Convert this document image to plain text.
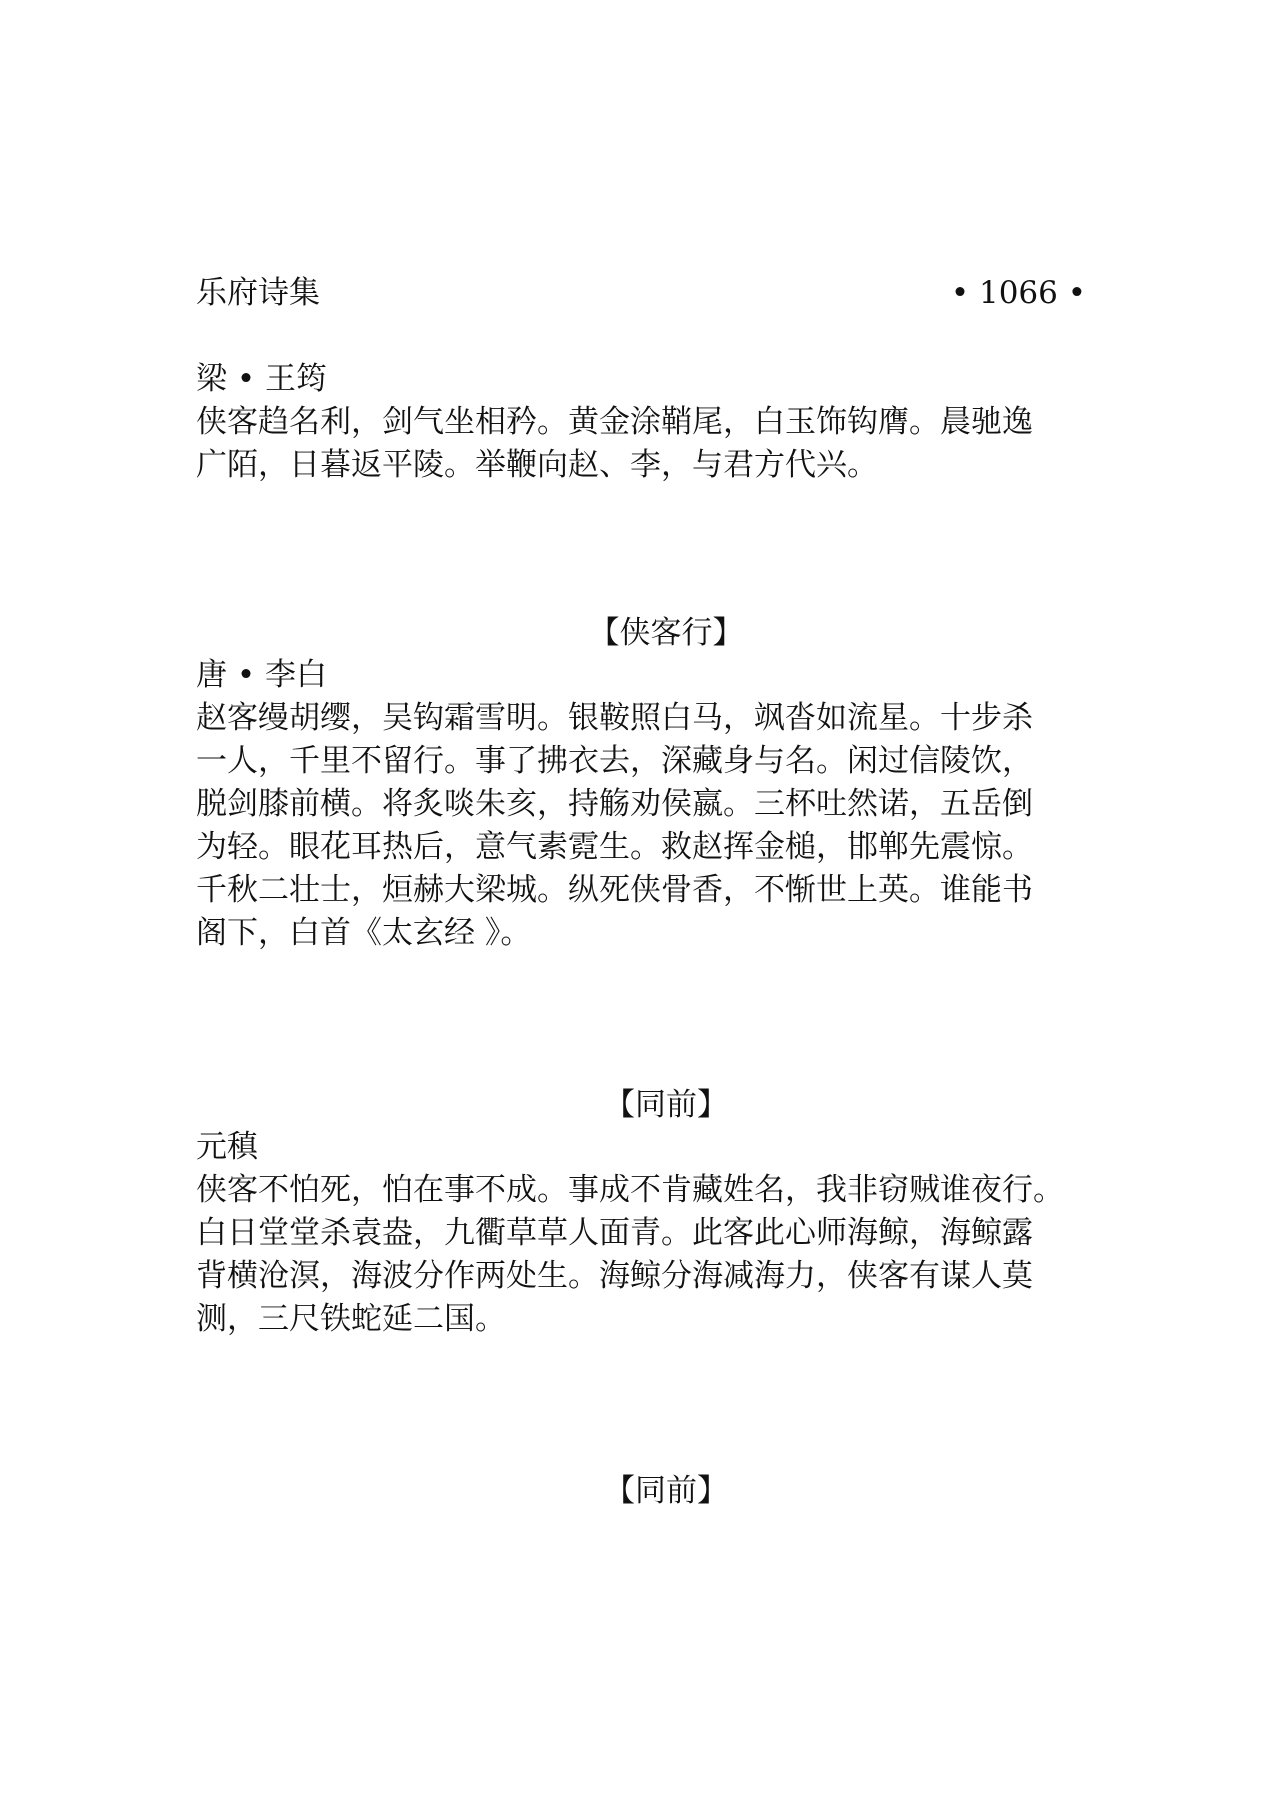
乐府诗集	• 1066 •
梁 • 王筠
侠客趋名利，剑气坐相矜。黄金涂鞘尾，白玉饰钩膺。晨驰逸
广陌，日暮返平陵。举鞭向赵、李，与君方代兴。
【侠客行】
唐 • 李白
赵客缦胡缨，吴钩霜雪明。银鞍照白马，飒沓如流星。十步杀
一人，千里不留行。事了拂衣去，深藏身与名。闲过信陵饮，
脱剑膝前横。将炙啖朱亥，持觞劝侯嬴。三杯吐然诺，五岳倒
为轻。眼花耳热后，意气素霓生。救赵挥金槌，邯郸先震惊。
千秋二壮士，烜赫大梁城。纵死侠骨香，不惭世上英。谁能书
阁下，白首《太玄经 》。
【同前】
元稹
侠客不怕死，怕在事不成。事成不肯藏姓名，我非窃贼谁夜行。
白日堂堂杀袁盎，九衢草草人面青。此客此心师海鲸，海鲸露
背横沧溟，海波分作两处生。海鲸分海减海力，侠客有谋人莫
测，三尺铁蛇延二国。
【同前】
